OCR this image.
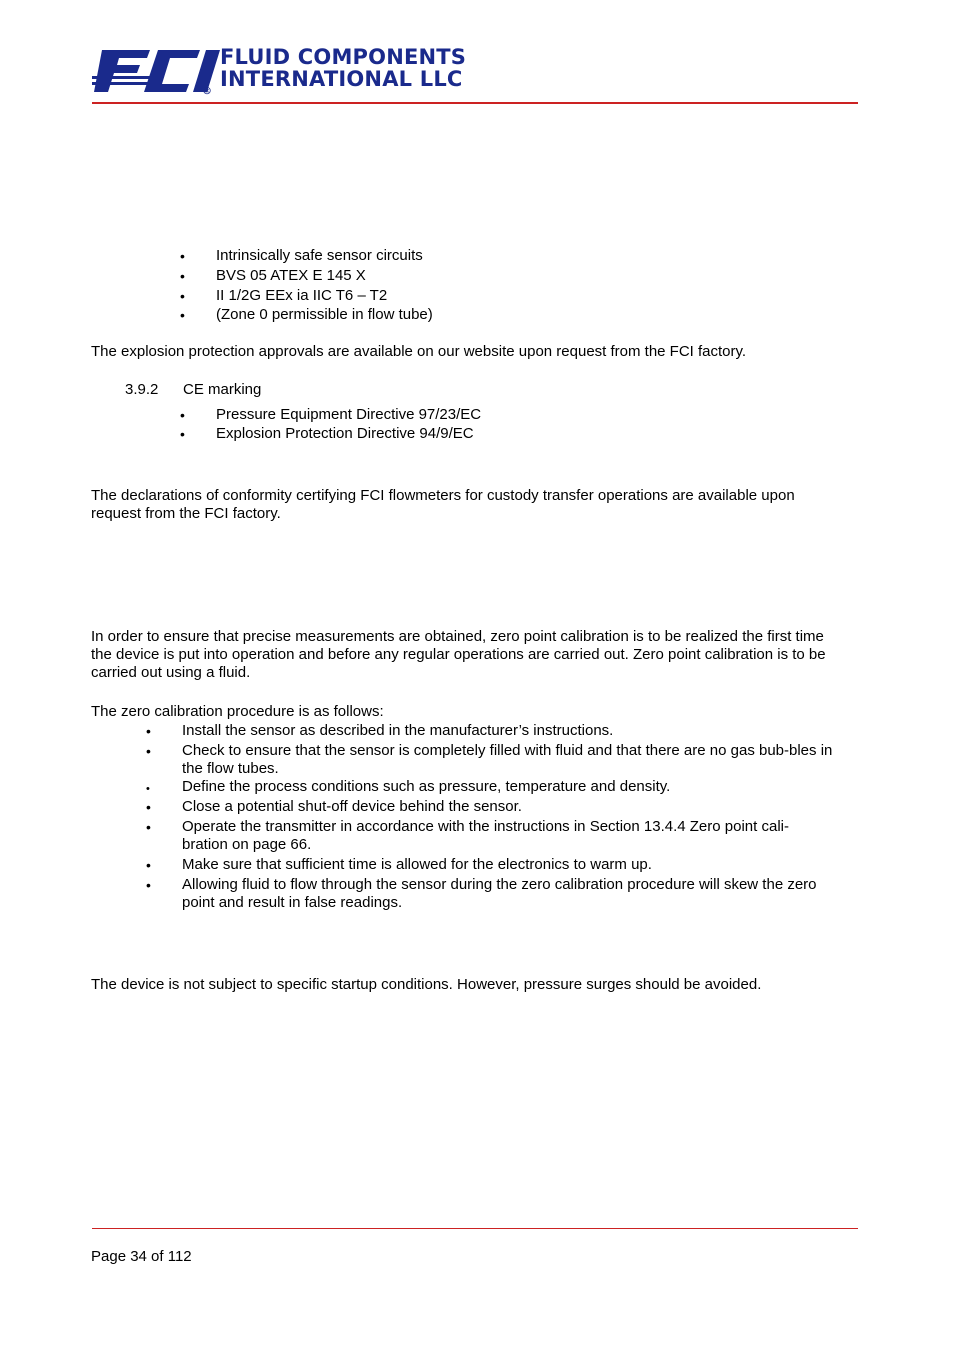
®
FLUID COMPONENTS
INTERNATIONAL LLC
• Intrinsically safe sensor circuits
• BVS 05 ATEX E 145 X
• II 1/2G EEx ia IIC T6 – T2
• (Zone 0 permissible in flow tube)

The explosion protection approvals are available on our website upon request from the FCI factory.

3.9.2 CE marking
• Pressure Equipment Directive 97/23/EC
• Explosion Protection Directive 94/9/EC

The declarations of conformity certifying FCI flowmeters for custody transfer operations are available upon request from the FCI factory.

In order to ensure that precise measurements are obtained, zero point calibration is to be realized the first time the device is put into operation and before any regular operations are carried out. Zero point calibration is to be carried out using a fluid.

The zero calibration procedure is as follows:

• Install the sensor as described in the manufacturer’s instructions.
• Check to ensure that the sensor is completely filled with fluid and that there are no gas bub-bles in the flow tubes.
• Define the process conditions such as pressure, temperature and density.
• Close a potential shut-off device behind the sensor.
• Operate the transmitter in accordance with the instructions in Section 13.4.4 Zero point cali-bration on page 66.
• Make sure that sufficient time is allowed for the electronics to warm up.
• Allowing fluid to flow through the sensor during the zero calibration procedure will skew the zero point and result in false readings.

The device is not subject to specific startup conditions. However, pressure surges should be avoided.

Page 34 of 112
